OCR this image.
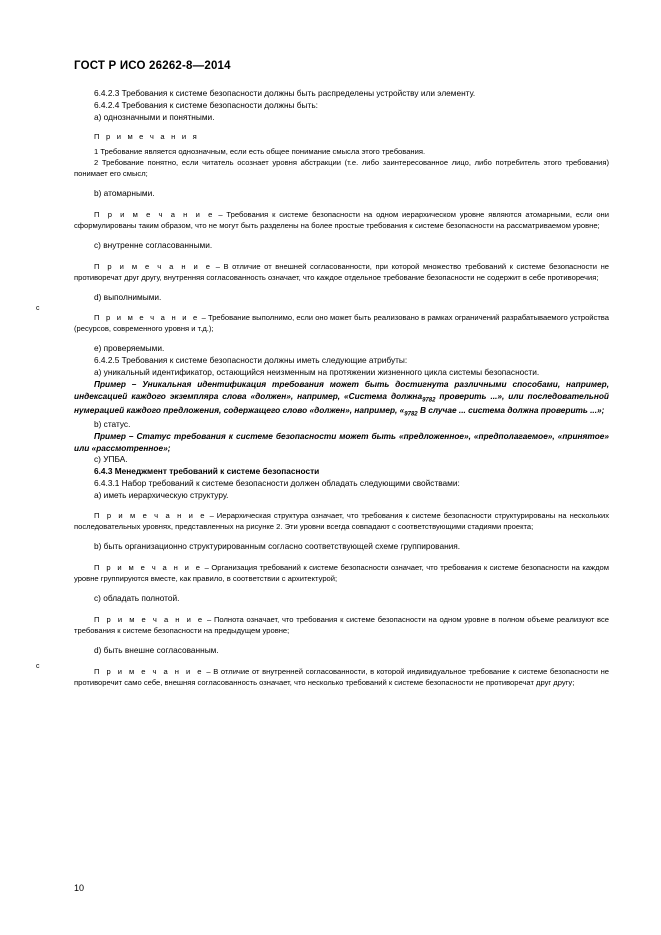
ГОСТ Р ИСО 26262-8—2014

6.4.2.3 Требования к системе безопасности должны быть распределены устройству или элементу.

6.4.2.4 Требования к системе безопасности должны быть:

а) однозначными и понятными.

П р и м е ч а н и я

1 Требование является однозначным, если есть общее понимание смысла этого требования.

2 Требование понятно, если читатель осознает уровня абстракции (т.е. либо заинтересованное лицо, либо потребитель этого требования) понимает его смысл;

b) атомарными.

П р и м е ч а н и е – Требования к системе безопасности на одном иерархическом уровне являются атомарными, если они сформулированы таким образом, что не могут быть разделены на более простые требования к системе безопасности на рассматриваемом уровне;

c) внутренне согласованными.

П р и м е ч а н и е – В отличие от внешней согласованности, при которой множество требований к системе безопасности не противоречат друг другу, внутренняя согласованность означает, что каждое отдельное требование безопасности не содержит в себе противоречия;

d) выполнимыми.

П р и м е ч а н и е – Требование выполнимо, если оно может быть реализовано в рамках ограничений разрабатываемого устройства (ресурсов, современного уровня и т.д.);

e) проверяемыми.

6.4.2.5 Требования к системе безопасности должны иметь следующие атрибуты:

а) уникальный идентификатор, остающийся неизменным на протяжении жизненного цикла системы безопасности.

Пример – Уникальная идентификация требования может быть достигнута различными способами, например, индексацией каждого экземпляра слова «должен», например, «Система должна$_{9782}$ проверить ...», или последовательной нумерацией каждого предложения, содержащего слово «должен», например, «$_{9782}$ В случае ... система должна проверить ...»;

b) статус.

Пример – Статус требования к системе безопасности может быть «предложенное», «предполагаемое», «принятое» или «рассмотренное»;

c) УПБА.

6.4.3 Менеджмент требований к системе безопасности

6.4.3.1 Набор требований к системе безопасности должен обладать следующими свойствами:

а) иметь иерархическую структуру.

П р и м е ч а н и е – Иерархическая структура означает, что требования к системе безопасности структурированы на нескольких последовательных уровнях, представленных на рисунке 2. Эти уровни всегда совпадают с соответствующими стадиями проекта;

b) быть организационно структурированным согласно соответствующей схеме группирования.

П р и м е ч а н и е – Организация требований к системе безопасности означает, что требования к системе безопасности на каждом уровне группируются вместе, как правило, в соответствии с архитектурой;

c) обладать полнотой.

П р и м е ч а н и е – Полнота означает, что требования к системе безопасности на одном уровне в полном объеме реализуют все требования к системе безопасности на предыдущем уровне;

d) быть внешне согласованным.

П р и м е ч а н и е – В отличие от внутренней согласованности, в которой индивидуальное требование к системе безопасности не противоречит само себе, внешняя согласованность означает, что несколько требований к системе безопасности не противоречат друг другу;

10
с
с
